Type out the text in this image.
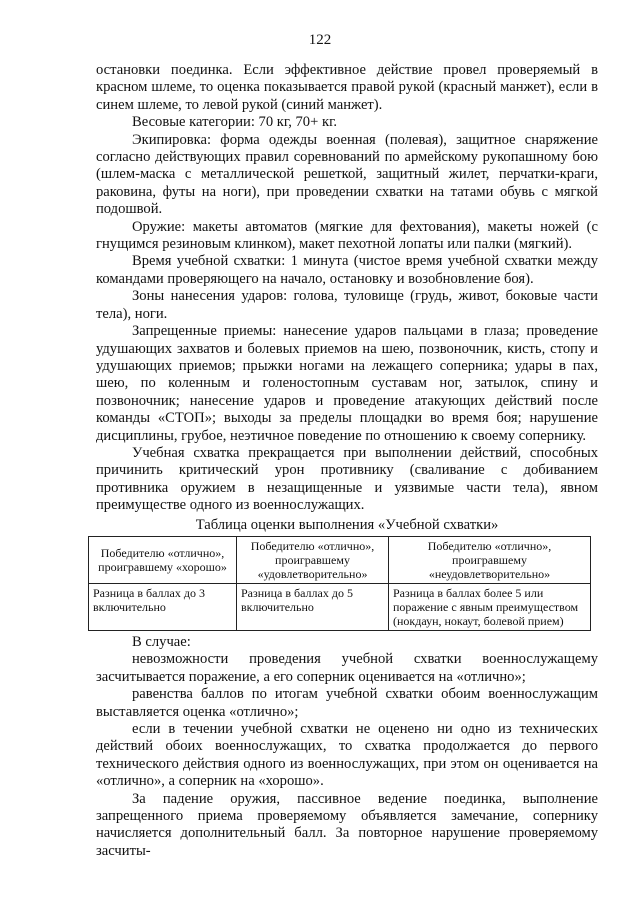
122

остановки поединка. Если эффективное действие провел проверяемый в красном шлеме, то оценка показывается правой рукой (красный манжет), если в синем шлеме, то левой рукой (синий манжет).

Весовые категории: 70 кг, 70+ кг.

Экипировка: форма одежды военная (полевая), защитное снаряжение согласно действующих правил соревнований по армейскому рукопашному бою (шлем-маска с металлической решеткой, защитный жилет, перчатки-краги, раковина, футы на ноги), при проведении схватки на татами обувь с мягкой подошвой.

Оружие: макеты автоматов (мягкие для фехтования), макеты ножей (с гнущимся резиновым клинком), макет пехотной лопаты или палки (мягкий).

Время учебной схватки: 1 минута (чистое время учебной схватки между командами проверяющего на начало, остановку и возобновление боя).

Зоны нанесения ударов: голова, туловище (грудь, живот, боковые части тела), ноги.

Запрещенные приемы: нанесение ударов пальцами в глаза; проведение удушающих захватов и болевых приемов на шею, позвоночник, кисть, стопу и удушающих приемов; прыжки ногами на лежащего соперника; удары в пах, шею, по коленным и голеностопным суставам ног, затылок, спину и позвоночник; нанесение ударов и проведение атакующих действий после команды «СТОП»; выходы за пределы площадки во время боя; нарушение дисциплины, грубое, неэтичное поведение по отношению к своему сопернику.

Учебная схватка прекращается при выполнении действий, способных причинить критический урон противнику (сваливание с добиванием противника оружием в незащищенные и уязвимые части тела), явном преимуществе одного из военнослужащих.

Таблица оценки выполнения «Учебной схватки»
Победителю «отлично», проигравшему «хорошо»	Победителю «отлично», проигравшему «удовлетворительно»	Победителю «отлично», проигравшему «неудовлетворительно»
Разница в баллах до 3 включительно	Разница в баллах до 5 включительно	Разница в баллах более 5 или поражение с явным преимуществом (нокдаун, нокаут, болевой прием)

В случае:

невозможности проведения учебной схватки военнослужащему засчитывается поражение, а его соперник оценивается на «отлично»;

равенства баллов по итогам учебной схватки обоим военнослужащим выставляется оценка «отлично»;

если в течении учебной схватки не оценено ни одно из технических действий обоих военнослужащих, то схватка продолжается до первого технического действия одного из военнослужащих, при этом он оценивается на «отлично», а соперник на «хорошо».

За падение оружия, пассивное ведение поединка, выполнение запрещенного приема проверяемому объявляется замечание, сопернику начисляется дополнительный балл. За повторное нарушение проверяемому засчиты-
